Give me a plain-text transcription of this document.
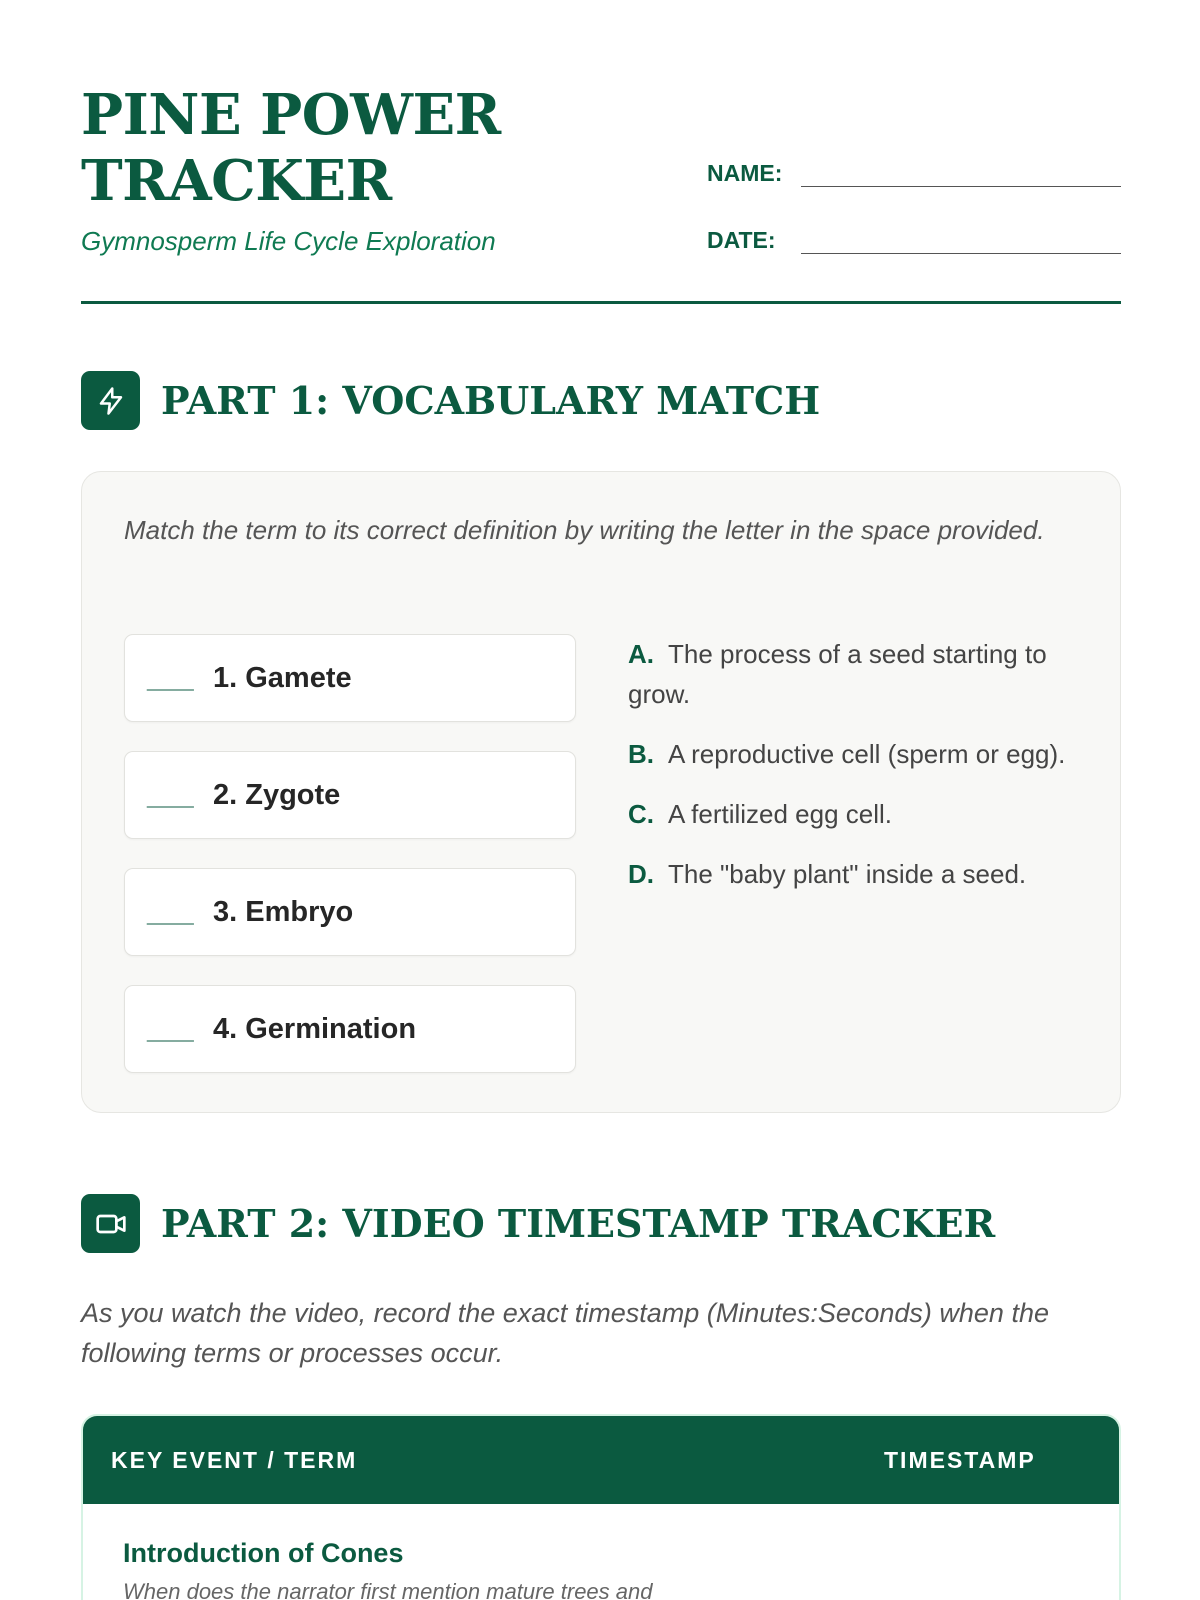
PINE POWER
TRACKER
Gymnosperm Life Cycle Exploration
NAME:
DATE:
PART 1: VOCABULARY MATCH
Match the term to its correct definition by writing the letter in the space provided.
___ 1. Gamete
___ 2. Zygote
___ 3. Embryo
___ 4. Germination
A. The process of a seed starting to grow.
B. A reproductive cell (sperm or egg).
C. A fertilized egg cell.
D. The "baby plant" inside a seed.
PART 2: VIDEO TIMESTAMP TRACKER
As you watch the video, record the exact timestamp (Minutes:Seconds) when the following terms or processes occur.
KEY EVENT / TERM	TIMESTAMP
Introduction of Cones
When does the narrator first mention mature trees and
